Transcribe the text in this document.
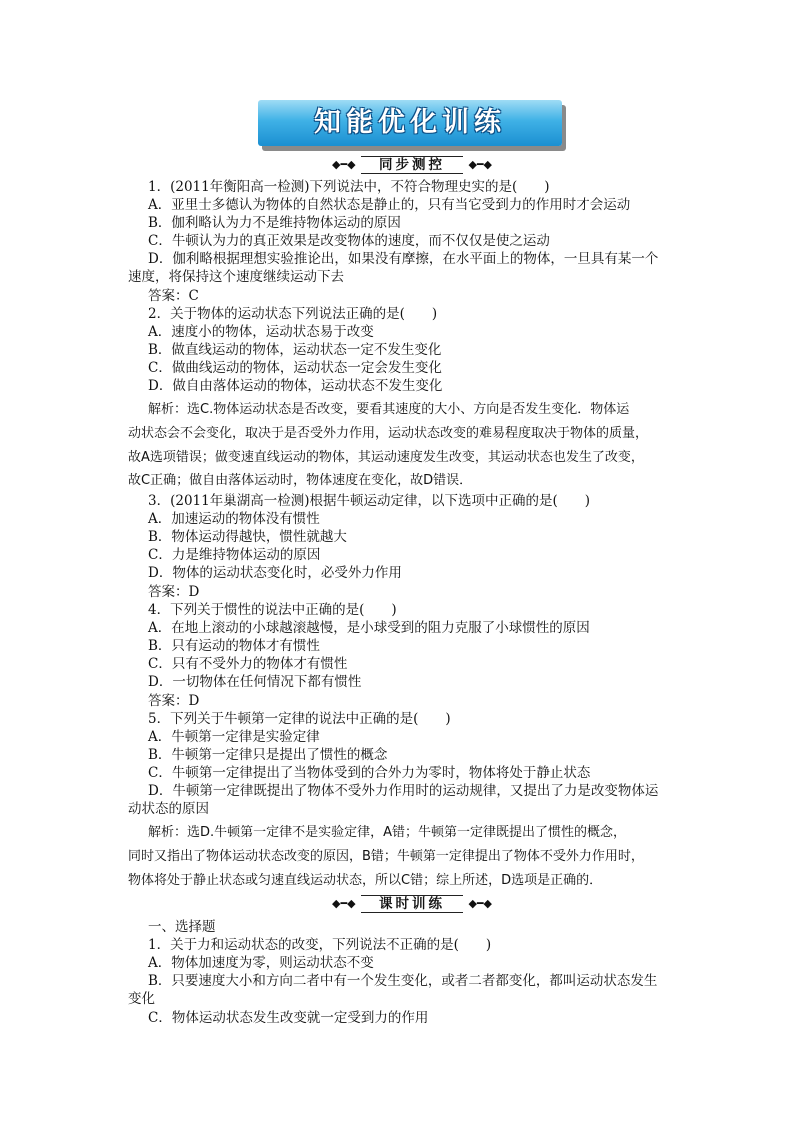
知能优化训练
◆━◆	同步测控	◆━◆
1．(2011年衡阳高一检测)下列说法中，不符合物理史实的是(　　)
A．亚里士多德认为物体的自然状态是静止的，只有当它受到力的作用时才会运动
B．伽利略认为力不是维持物体运动的原因
C．牛顿认为力的真正效果是改变物体的速度，而不仅仅是使之运动
D．伽利略根据理想实验推论出，如果没有摩擦，在水平面上的物体，一旦具有某一个
速度，将保持这个速度继续运动下去
答案：C
2．关于物体的运动状态下列说法正确的是(　　)
A．速度小的物体，运动状态易于改变
B．做直线运动的物体，运动状态一定不发生变化
C．做曲线运动的物体，运动状态一定会发生变化
D．做自由落体运动的物体，运动状态不发生变化
解析：选C.物体运动状态是否改变，要看其速度的大小、方向是否发生变化．物体运
动状态会不会变化，取决于是否受外力作用，运动状态改变的难易程度取决于物体的质量，
故A选项错误；做变速直线运动的物体，其运动速度发生改变，其运动状态也发生了改变，
故C正确；做自由落体运动时，物体速度在变化，故D错误．
3．(2011年巢湖高一检测)根据牛顿运动定律，以下选项中正确的是(　　)
A．加速运动的物体没有惯性
B．物体运动得越快，惯性就越大
C．力是维持物体运动的原因
D．物体的运动状态变化时，必受外力作用
答案：D
4．下列关于惯性的说法中正确的是(　　)
A．在地上滚动的小球越滚越慢，是小球受到的阻力克服了小球惯性的原因
B．只有运动的物体才有惯性
C．只有不受外力的物体才有惯性
D．一切物体在任何情况下都有惯性
答案：D
5．下列关于牛顿第一定律的说法中正确的是(　　)
A．牛顿第一定律是实验定律
B．牛顿第一定律只是提出了惯性的概念
C．牛顿第一定律提出了当物体受到的合外力为零时，物体将处于静止状态
D．牛顿第一定律既提出了物体不受外力作用时的运动规律，又提出了力是改变物体运
动状态的原因
解析：选D.牛顿第一定律不是实验定律，A错；牛顿第一定律既提出了惯性的概念，
同时又指出了物体运动状态改变的原因，B错；牛顿第一定律提出了物体不受外力作用时，
物体将处于静止状态或匀速直线运动状态，所以C错；综上所述，D选项是正确的．
◆━◆	课时训练	◆━◆
一、选择题
1．关于力和运动状态的改变，下列说法不正确的是(　　)
A．物体加速度为零，则运动状态不变
B．只要速度大小和方向二者中有一个发生变化，或者二者都变化，都叫运动状态发生
变化
C．物体运动状态发生改变就一定受到力的作用
